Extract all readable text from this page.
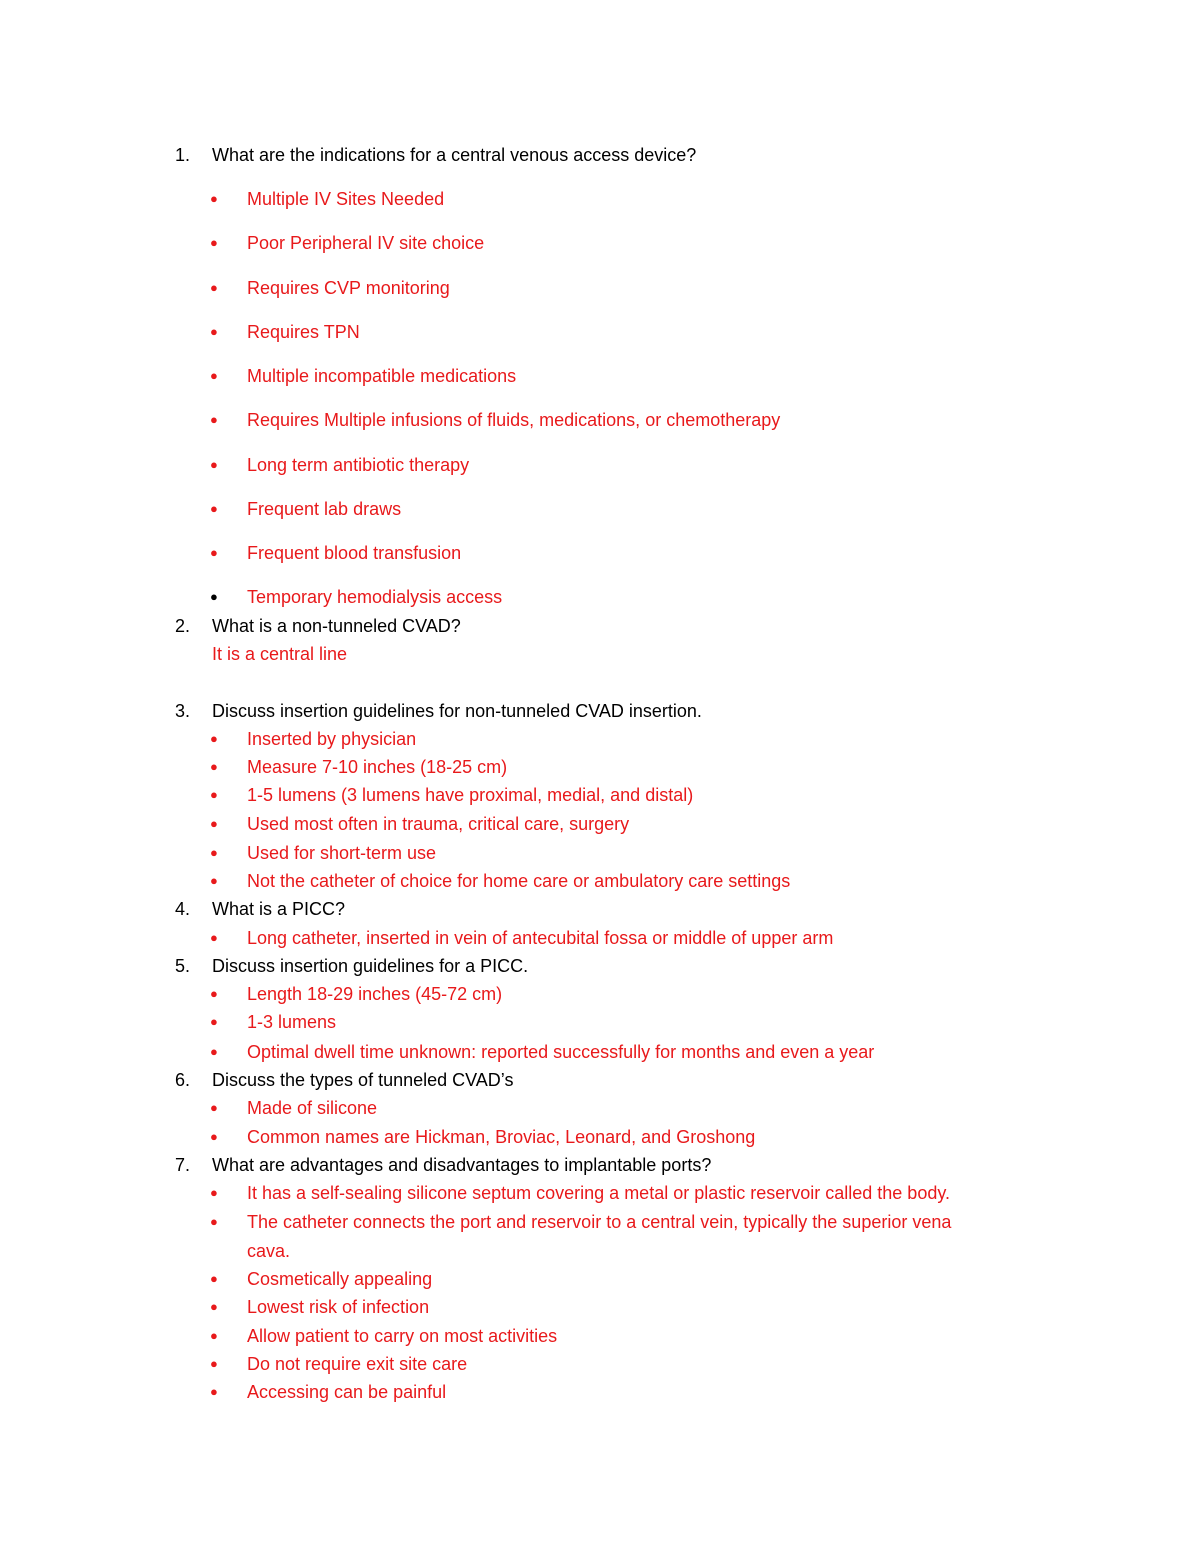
1.	What are the indications for a central venous access device?
● Multiple IV Sites Needed
● Poor Peripheral IV site choice
● Requires CVP monitoring
● Requires TPN
● Multiple incompatible medications
● Requires Multiple infusions of fluids, medications, or chemotherapy
● Long term antibiotic therapy
● Frequent lab draws
● Frequent blood transfusion
● Temporary hemodialysis access
2.	What is a non-tunneled CVAD?
It is a central line
3.	Discuss insertion guidelines for non-tunneled CVAD insertion.
● Inserted by physician
● Measure 7-10 inches (18-25 cm)
● 1-5 lumens (3 lumens have proximal, medial, and distal)
● Used most often in trauma, critical care, surgery
● Used for short-term use
● Not the catheter of choice for home care or ambulatory care settings
4.	What is a PICC?
● Long catheter, inserted in vein of antecubital fossa or middle of upper arm
5.	Discuss insertion guidelines for a PICC.
● Length 18-29 inches (45-72 cm)
● 1-3 lumens
● Optimal dwell time unknown: reported successfully for months and even a year
6.	Discuss the types of tunneled CVAD’s
● Made of silicone
● Common names are Hickman, Broviac, Leonard, and Groshong
7.	What are advantages and disadvantages to implantable ports?
● It has a self-sealing silicone septum covering a metal or plastic reservoir called the body.
● The catheter connects the port and reservoir to a central vein, typically the superior vena
cava.
● Cosmetically appealing
● Lowest risk of infection
● Allow patient to carry on most activities
● Do not require exit site care
● Accessing can be painful
